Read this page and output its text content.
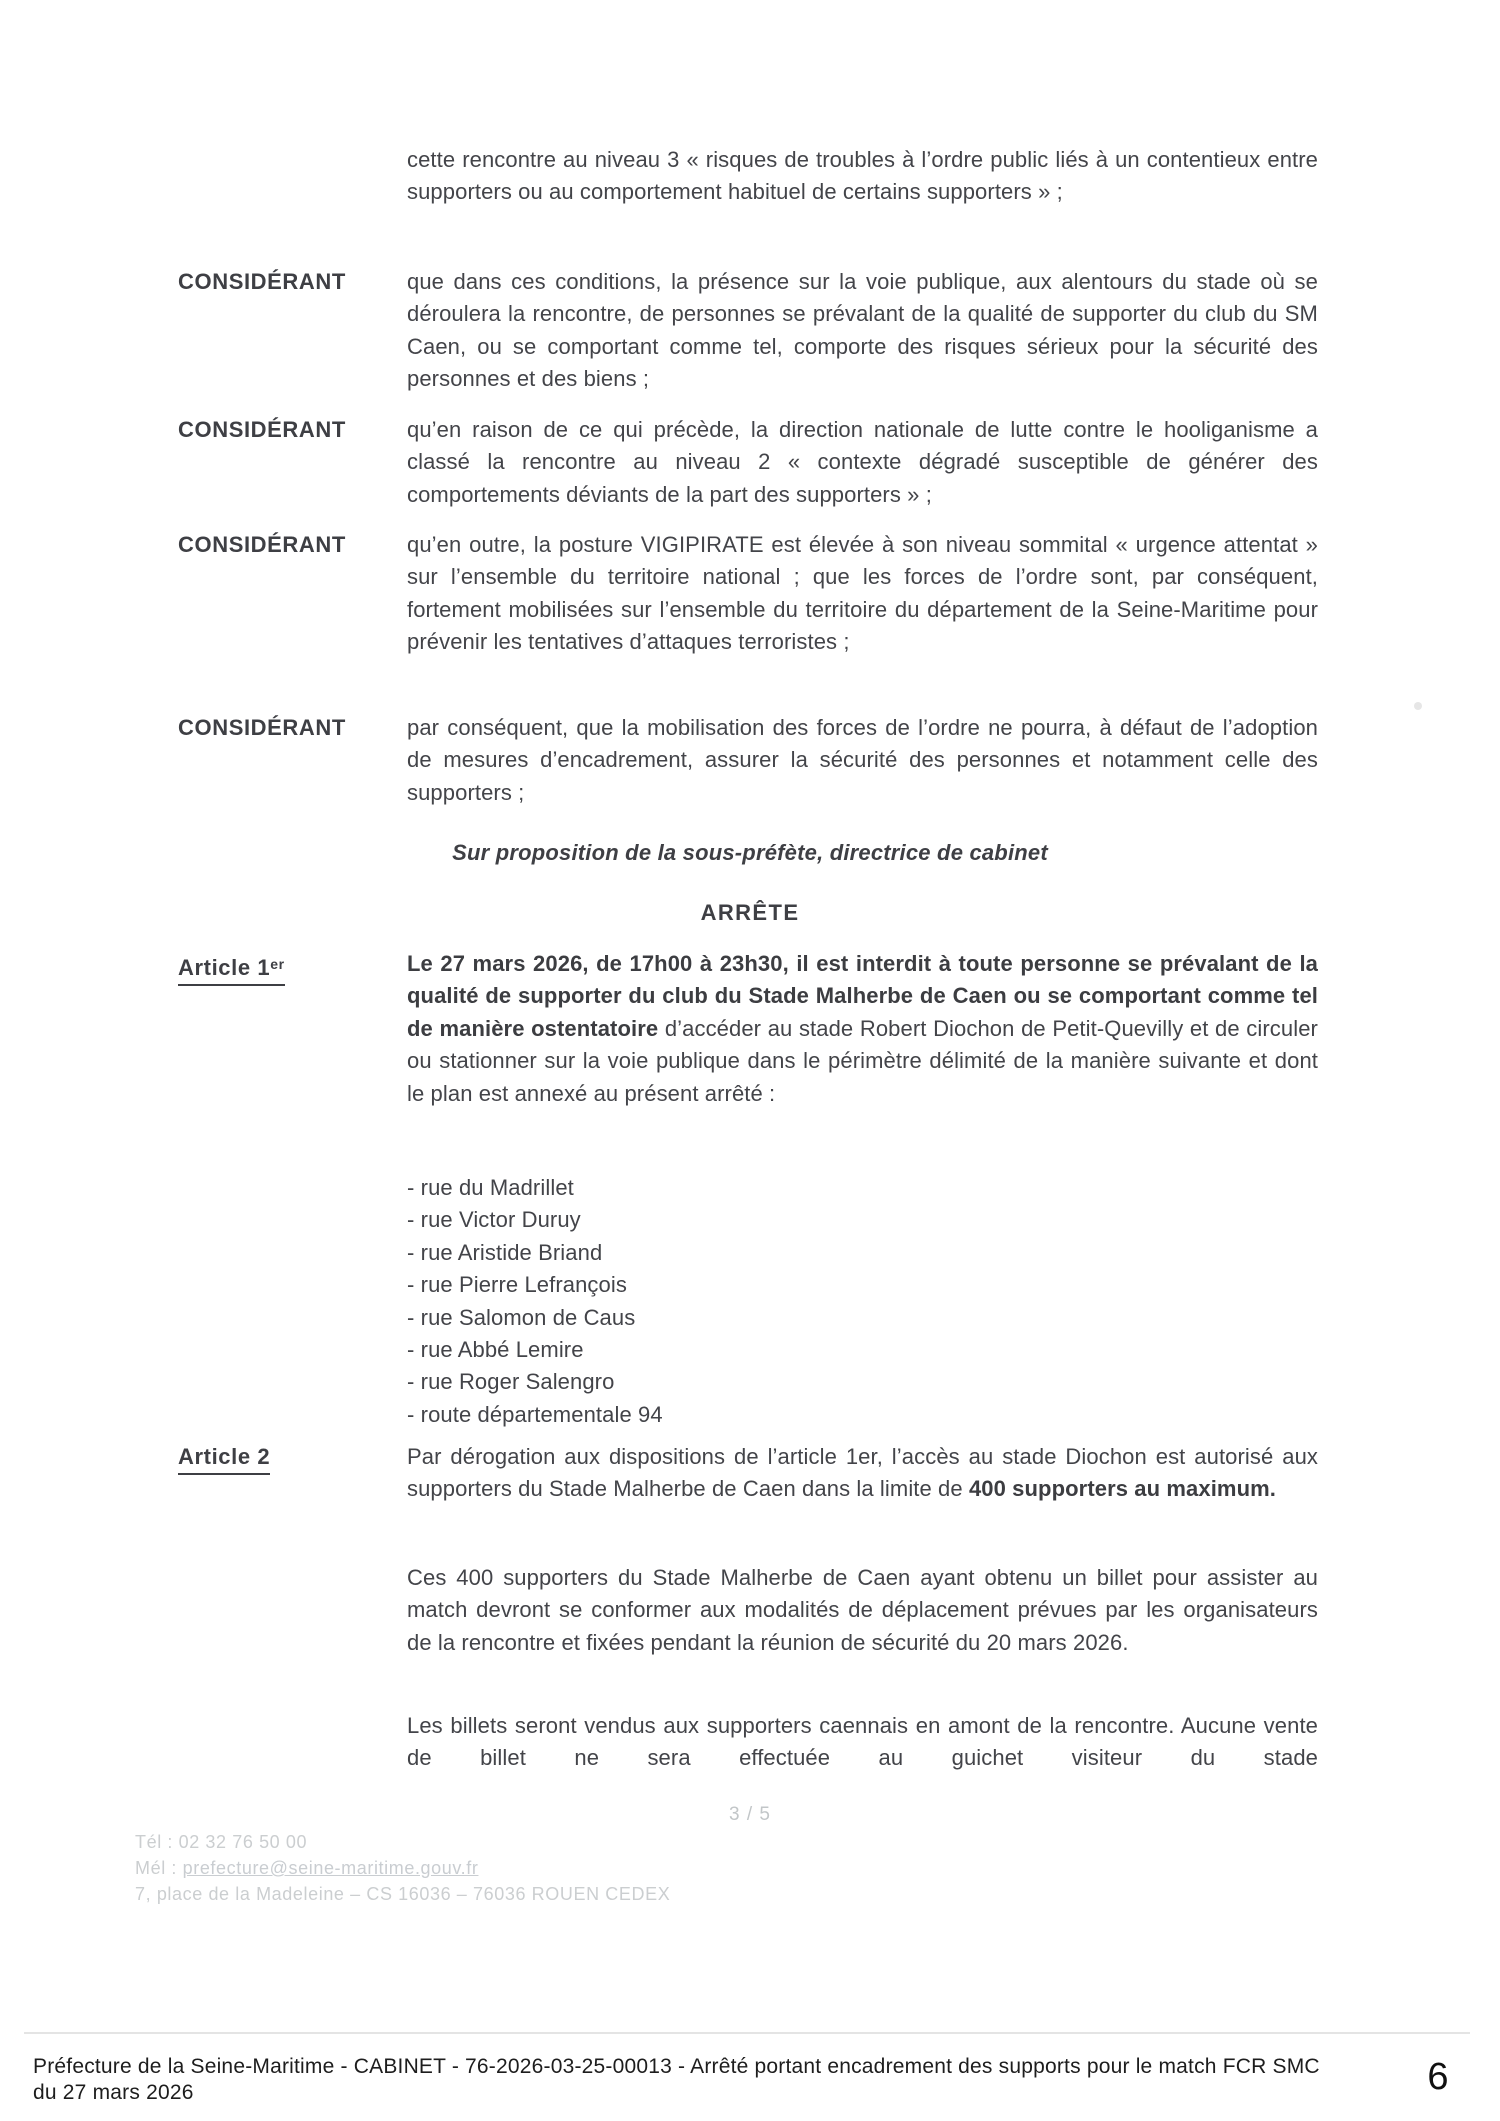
cette rencontre au niveau 3 « risques de troubles à l’ordre public liés à un contentieux entre supporters ou au comportement habituel de certains supporters » ;
CONSIDÉRANT	que dans ces conditions, la présence sur la voie publique, aux alentours du stade où se déroulera la rencontre, de personnes se prévalant de la qualité de supporter du club du SM Caen, ou se comportant comme tel, comporte des risques sérieux pour la sécurité des personnes et des biens ;
CONSIDÉRANT	qu’en raison de ce qui précède, la direction nationale de lutte contre le hooliganisme a classé la rencontre au niveau 2 « contexte dégradé susceptible de générer des comportements déviants de la part des supporters » ;
CONSIDÉRANT	qu’en outre, la posture VIGIPIRATE est élevée à son niveau sommital « urgence attentat » sur l’ensemble du territoire national ; que les forces de l’ordre sont, par conséquent, fortement mobilisées sur l’ensemble du territoire du département de la Seine-Maritime pour prévenir les tentatives d’attaques terroristes ;
CONSIDÉRANT	par conséquent, que la mobilisation des forces de l’ordre ne pourra, à défaut de l’adoption de mesures d’encadrement, assurer la sécurité des personnes et notamment celle des supporters ;
Sur proposition de la sous-préfète, directrice de cabinet
ARRÊTE
Article 1er	Le 27 mars 2026, de 17h00 à 23h30, il est interdit à toute personne se prévalant de la qualité de supporter du club du Stade Malherbe de Caen ou se comportant comme tel de manière ostentatoire d’accéder au stade Robert Diochon de Petit-Quevilly et de circuler ou stationner sur la voie publique dans le périmètre délimité de la manière suivante et dont le plan est annexé au présent arrêté :
- rue du Madrillet
- rue Victor Duruy
- rue Aristide Briand
- rue Pierre Lefrançois
- rue Salomon de Caus
- rue Abbé Lemire
- rue Roger Salengro
- route départementale 94
Article 2	Par dérogation aux dispositions de l’article 1er, l’accès au stade Diochon est autorisé aux supporters du Stade Malherbe de Caen dans la limite de 400 supporters au maximum.
Ces 400 supporters du Stade Malherbe de Caen ayant obtenu un billet pour assister au match devront se conformer aux modalités de déplacement prévues par les organisateurs de la rencontre et fixées pendant la réunion de sécurité du 20 mars 2026.
Les billets seront vendus aux supporters caennais en amont de la rencontre. Aucune vente de billet ne sera effectuée au guichet visiteur du stade
3 / 5
Tél : 02 32 76 50 00
Mél : prefecture@seine-maritime.gouv.fr
7, place de la Madeleine – CS 16036 – 76036 ROUEN CEDEX
Préfecture de la Seine-Maritime - CABINET - 76-2026-03-25-00013 - Arrêté portant encadrement des supports pour le match FCR SMC
du 27 mars 2026	6
